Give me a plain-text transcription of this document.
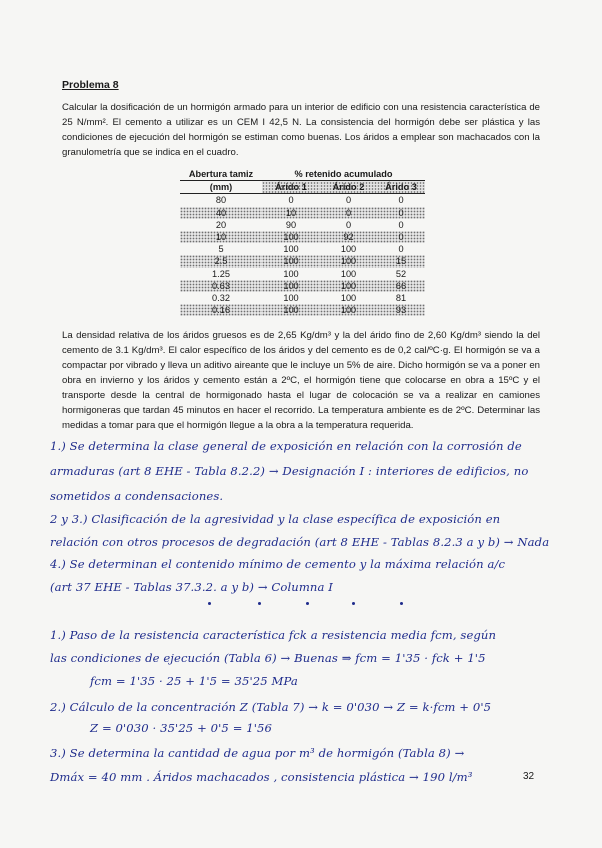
Problema 8
Calcular la dosificación de un hormigón armado para un interior de edificio con una resistencia característica de 25 N/mm². El cemento a utilizar es un CEM I 42,5 N. La consistencia del hormigón debe ser plástica y las condiciones de ejecución del hormigón se estiman como buenas. Los áridos a emplear son machacados con la granulometría que se indica en el cuadro.
Abertura tamiz	% retenido acumulado		
(mm)	Árido 1	Árido 2	Árido 3
80	0	0	0
40	10	0	0
20	90	0	0
10	100	92	0
5	100	100	0
2.5	100	100	15
1.25	100	100	52
0.63	100	100	66
0.32	100	100	81
0.16	100	100	93
La densidad relativa de los áridos gruesos es de 2,65 Kg/dm³ y la del árido fino de 2,60 Kg/dm³ siendo la del cemento de 3.1 Kg/dm³. El calor específico de los áridos y del cemento es de 0,2 cal/ºC·g. El hormigón se va a compactar por vibrado y lleva un aditivo aireante que le incluye un 5% de aire. Dicho hormigón se va a poner en obra en invierno y los áridos y cemento están a 2ºC, el hormigón tiene que colocarse en obra a 15ºC y el transporte desde la central de hormigonado hasta el lugar de colocación se va a realizar en camiones hormigoneras que tardan 45 minutos en hacer el recorrido. La temperatura ambiente es de 2ºC. Determinar las medidas a tomar para que el hormigón llegue a la obra a la temperatura requerida.
1.) Se determina la clase general de exposición en relación con la corrosión de
armaduras (art 8 EHE - Tabla 8.2.2) → Designación I : interiores de edificios, no
sometidos a condensaciones.
2 y 3.) Clasificación de la agresividad y la clase específica de exposición en
relación con otros procesos de degradación (art 8 EHE - Tablas 8.2.3 a y b) → Nada
4.) Se determinan el contenido mínimo de cemento y la máxima relación a/c
(art 37 EHE - Tablas 37.3.2. a y b) → Columna I
1.) Paso de la resistencia característica fck a resistencia media fcm, según
las condiciones de ejecución (Tabla 6) → Buenas ⇒ fcm = 1'35 · fck + 1'5
fcm = 1'35 · 25 + 1'5 = 35'25 MPa
2.) Cálculo de la concentración Z (Tabla 7) → k = 0'030 → Z = k·fcm + 0'5
Z = 0'030 · 35'25 + 0'5 = 1'56
3.) Se determina la cantidad de agua por m³ de hormigón (Tabla 8) →
Dmáx = 40 mm . Áridos machacados , consistencia plástica → 190 l/m³	32
